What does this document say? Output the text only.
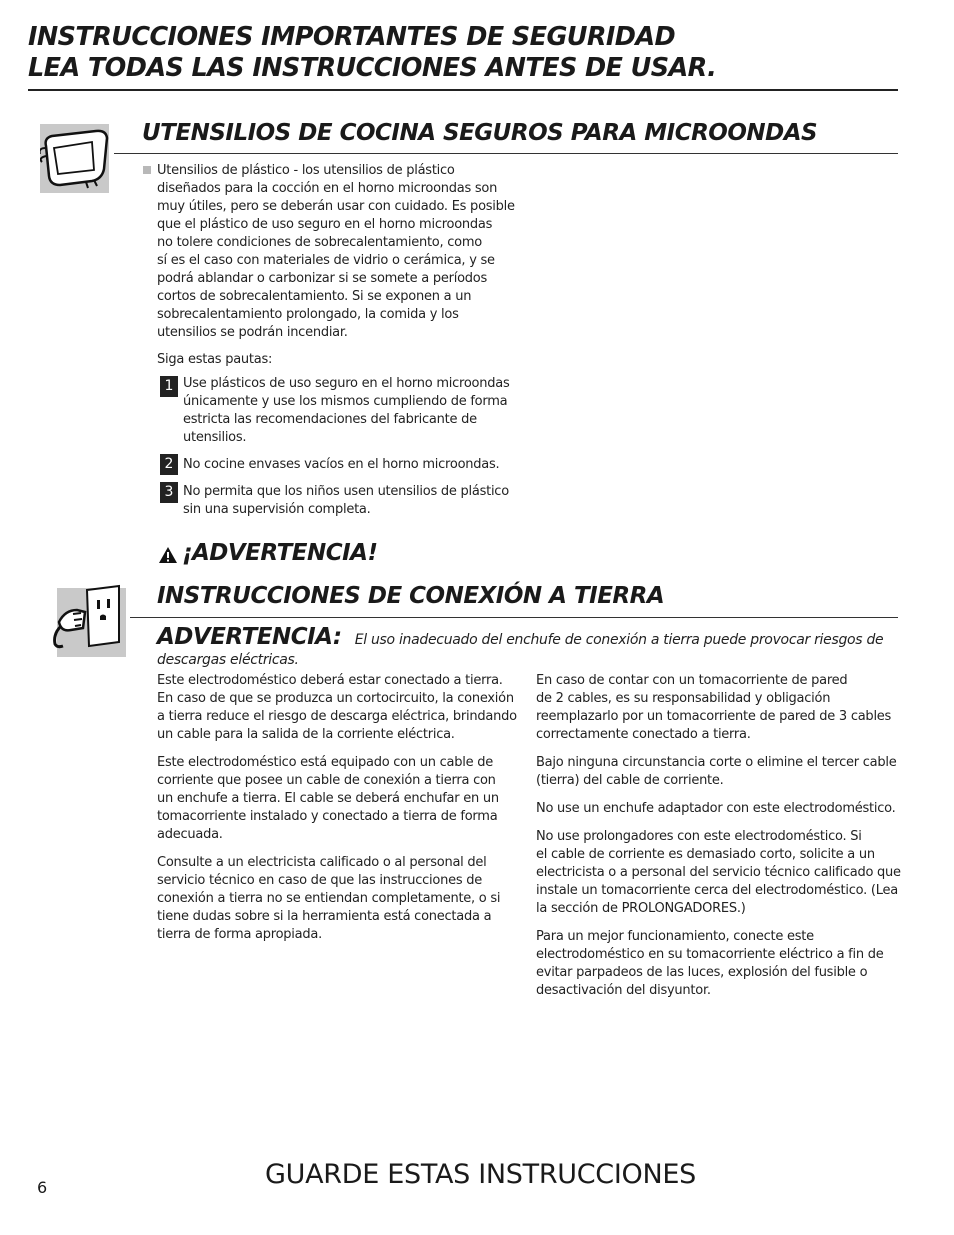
INSTRUCCIONES IMPORTANTES DE SEGURIDAD
LEA TODAS LAS INSTRUCCIONES ANTES DE USAR.
UTENSILIOS DE COCINA SEGUROS PARA MICROONDAS
Utensilios de plástico - los utensilios de plástico
diseñados para la cocción en el horno microondas son
muy útiles, pero se deberán usar con cuidado. Es posible
que el plástico de uso seguro en el horno microondas
no tolere condiciones de sobrecalentamiento, como
sí es el caso con materiales de vidrio o cerámica, y se
podrá ablandar o carbonizar si se somete a períodos
cortos de sobrecalentamiento. Si se exponen a un
sobrecalentamiento prolongado, la comida y los
utensilios se podrán incendiar.
Siga estas pautas:
1 Use plásticos de uso seguro en el horno microondas
únicamente y use los mismos cumpliendo de forma
estricta las recomendaciones del fabricante de
utensilios.
2 No cocine envases vacíos en el horno microondas.
3 No permita que los niños usen utensilios de plástico
sin una supervisión completa.
¡ADVERTENCIA!
INSTRUCCIONES DE CONEXIÓN A TIERRA
ADVERTENCIA: El uso inadecuado del enchufe de conexión a tierra puede provocar riesgos de
descargas eléctricas.
Este electrodoméstico deberá estar conectado a tierra.
En caso de que se produzca un cortocircuito, la conexión
a tierra reduce el riesgo de descarga eléctrica, brindando
un cable para la salida de la corriente eléctrica.
Este electrodoméstico está equipado con un cable de
corriente que posee un cable de conexión a tierra con
un enchufe a tierra. El cable se deberá enchufar en un
tomacorriente instalado y conectado a tierra de forma
adecuada.
Consulte a un electricista calificado o al personal del
servicio técnico en caso de que las instrucciones de
conexión a tierra no se entiendan completamente, o si
tiene dudas sobre si la herramienta está conectada a
tierra de forma apropiada.
En caso de contar con un tomacorriente de pared
de 2 cables, es su responsabilidad y obligación
reemplazarlo por un tomacorriente de pared de 3 cables
correctamente conectado a tierra.
Bajo ninguna circunstancia corte o elimine el tercer cable
(tierra) del cable de corriente.
No use un enchufe adaptador con este electrodoméstico.
No use prolongadores con este electrodoméstico. Si
el cable de corriente es demasiado corto, solicite a un
electricista o a personal del servicio técnico calificado que
instale un tomacorriente cerca del electrodoméstico. (Lea
la sección de PROLONGADORES.)
Para un mejor funcionamiento, conecte este
electrodoméstico en su tomacorriente eléctrico a fin de
evitar parpadeos de las luces, explosión del fusible o
desactivación del disyuntor.
6	GUARDE ESTAS INSTRUCCIONES
